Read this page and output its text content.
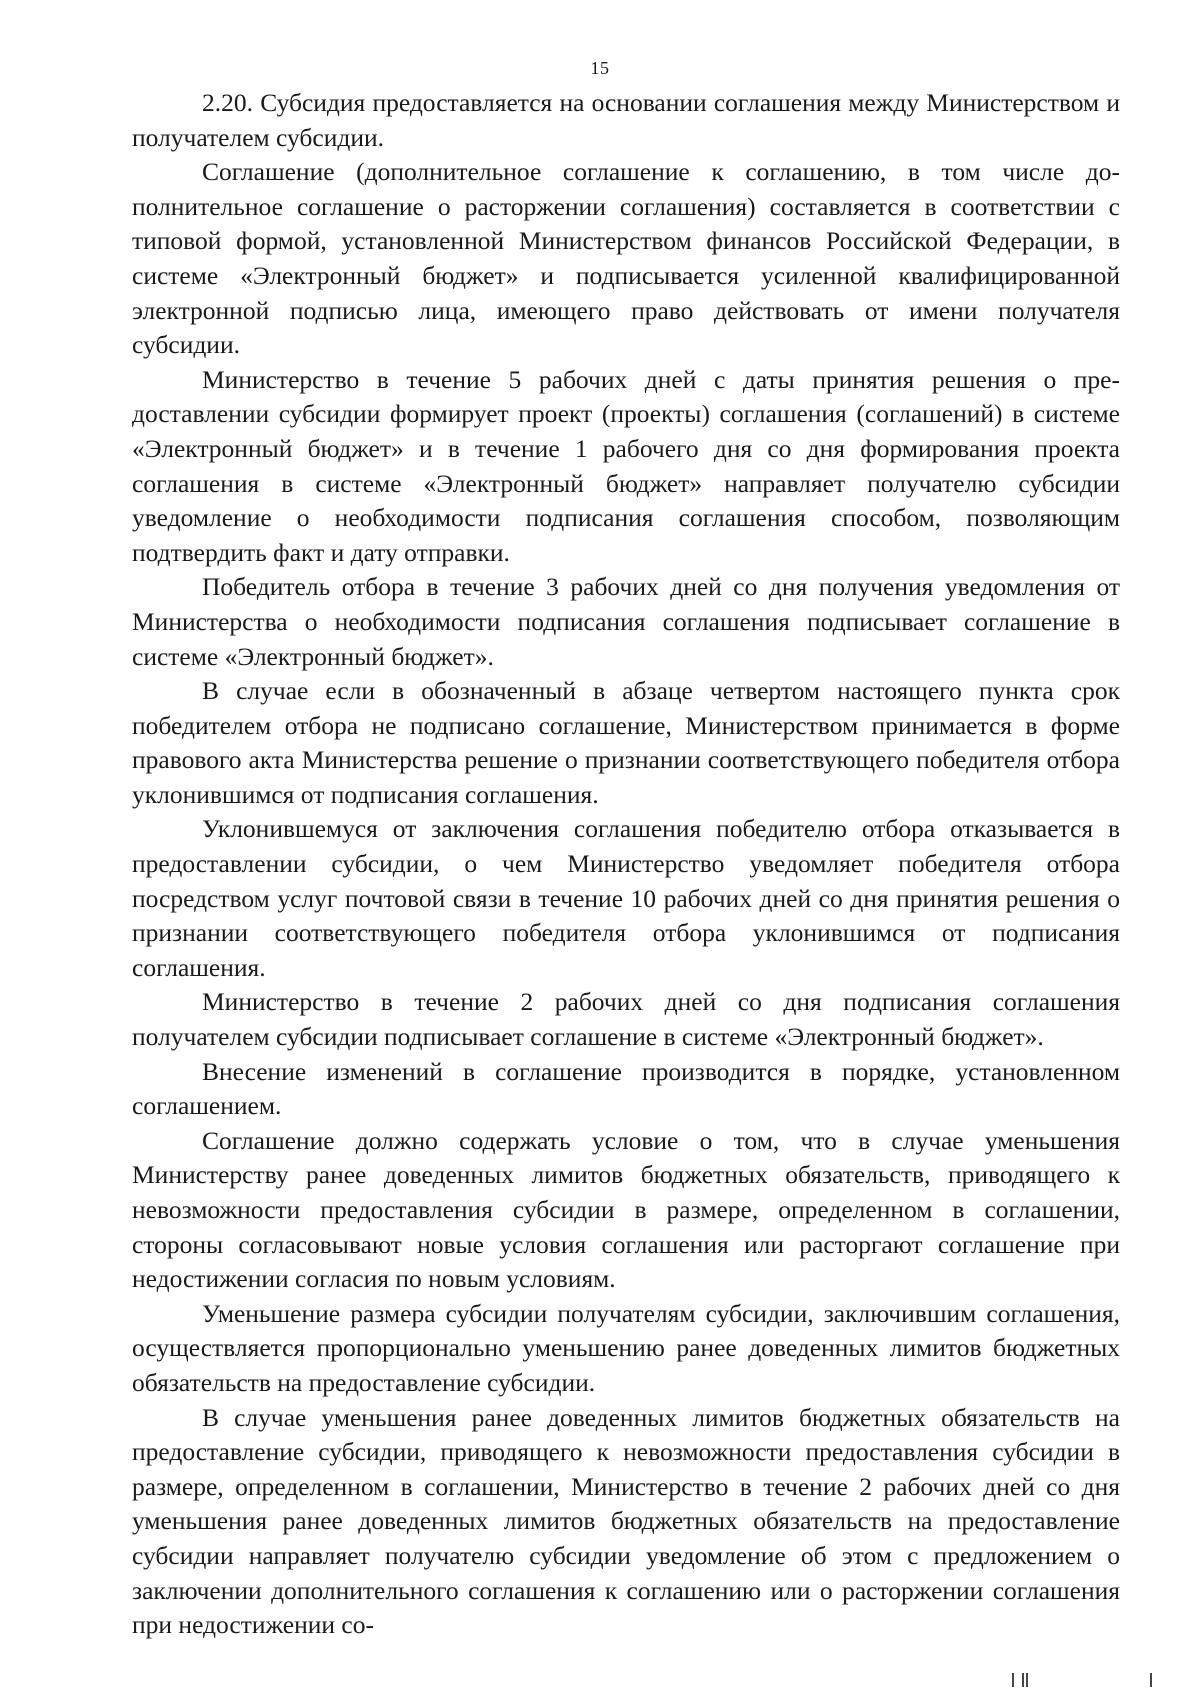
15

2.20. Субсидия предоставляется на основании соглашения между Министерством и получателем субсидии.

Соглашение (дополнительное соглашение к соглашению, в том числе дополнительное соглашение о расторжении соглашения) составляется в соответствии с типовой формой, установленной Министерством финансов Российской Федерации, в системе «Электронный бюджет» и подписывается усиленной квалифицированной электронной подписью лица, имеющего право действовать от имени получателя субсидии.

Министерство в течение 5 рабочих дней с даты принятия решения о предоставлении субсидии формирует проект (проекты) соглашения (соглашений) в системе «Электронный бюджет» и в течение 1 рабочего дня со дня формирования проекта соглашения в системе «Электронный бюджет» направляет получателю субсидии уведомление о необходимости подписания соглашения способом, позволяющим подтвердить факт и дату отправки.

Победитель отбора в течение 3 рабочих дней со дня получения уведомления от Министерства о необходимости подписания соглашения подписывает соглашение в системе «Электронный бюджет».

В случае если в обозначенный в абзаце четвертом настоящего пункта срок победителем отбора не подписано соглашение, Министерством принимается в форме правового акта Министерства решение о признании соответствующего победителя отбора уклонившимся от подписания соглашения.

Уклонившемуся от заключения соглашения победителю отбора отказывается в предоставлении субсидии, о чем Министерство уведомляет победителя отбора посредством услуг почтовой связи в течение 10 рабочих дней со дня принятия решения о признании соответствующего победителя отбора уклонившимся от подписания соглашения.

Министерство в течение 2 рабочих дней со дня подписания соглашения получателем субсидии подписывает соглашение в системе «Электронный бюджет».

Внесение изменений в соглашение производится в порядке, установленном соглашением.

Соглашение должно содержать условие о том, что в случае уменьшения Министерству ранее доведенных лимитов бюджетных обязательств, приводящего к невозможности предоставления субсидии в размере, определенном в соглашении, стороны согласовывают новые условия соглашения или расторгают соглашение при недостижении согласия по новым условиям.

Уменьшение размера субсидии получателям субсидии, заключившим соглашения, осуществляется пропорционально уменьшению ранее доведенных лимитов бюджетных обязательств на предоставление субсидии.

В случае уменьшения ранее доведенных лимитов бюджетных обязательств на предоставление субсидии, приводящего к невозможности предоставления субсидии в размере, определенном в соглашении, Министерство в течение 2 рабочих дней со дня уменьшения ранее доведенных лимитов бюджетных обязательств на предоставление субсидии направляет получателю субсидии уведомление об этом с предложением о заключении дополнительного соглашения к соглашению или о расторжении соглашения при недостижении со-
